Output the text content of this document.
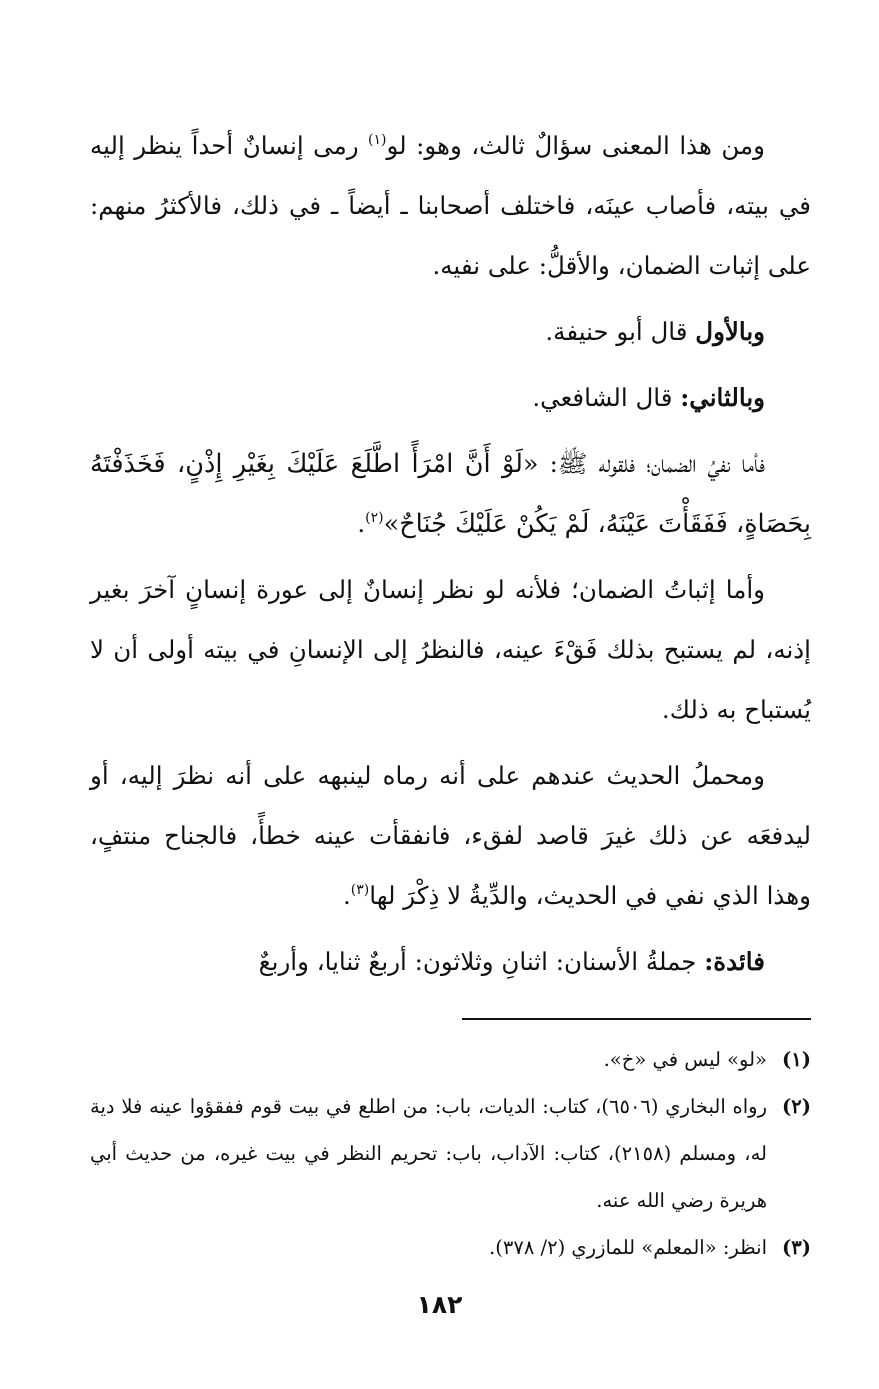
ومن هذا المعنى سؤالٌ ثالث، وهو: لو$^{(١)}$ رمى إنسانٌ أحداً ينظر إليه في بيته، فأصاب عينَه، فاختلف أصحابنا ـ أيضاً ـ في ذلك، فالأكثرُ منهم: على إثبات الضمان، والأقلُّ: على نفيه.

وبالأول قال أبو حنيفة.

وبالثاني: قال الشافعي.

فأما نفيُ الضمان؛ فلقوله ﷺ: «لَوْ أَنَّ امْرَأً اطَّلَعَ عَلَيْكَ بِغَيْرِ إِذْنٍ، فَخَذَفْتَهُ بِحَصَاةٍ، فَفَقَأْتَ عَيْنَهُ، لَمْ يَكُنْ عَلَيْكَ جُنَاحٌ»$^{(٢)}$.

وأما إثباتُ الضمان؛ فلأنه لو نظر إنسانٌ إلى عورة إنسانٍ آخرَ بغير إذنه، لم يستبح بذلك فَقْءَ عينه، فالنظرُ إلى الإنسانِ في بيته أولى أن لا يُستباح به ذلك.

ومحملُ الحديث عندهم على أنه رماه لينبهه على أنه نظرَ إليه، أو ليدفعَه عن ذلك غيرَ قاصد لفقء، فانفقأت عينه خطأً، فالجناح منتفٍ، وهذا الذي نفي في الحديث، والدِّيةُ لا ذِكْرَ لها$^{(٣)}$.

فائدة: جملةُ الأسنان: اثنانِ وثلاثون: أربعٌ ثنايا، وأربعٌ

(١)
«لو» ليس في «خ».
(٢)
رواه البخاري (٦٥٠٦)، كتاب: الديات، باب: من اطلع في بيت قوم ففقؤوا عينه فلا دية له، ومسلم (٢١٥٨)، كتاب: الآداب، باب: تحريم النظر في بيت غيره، من حديث أبي هريرة رضي الله عنه.
(٣)
انظر: «المعلم» للمازري (٢/ ٣٧٨).
١٨٢
